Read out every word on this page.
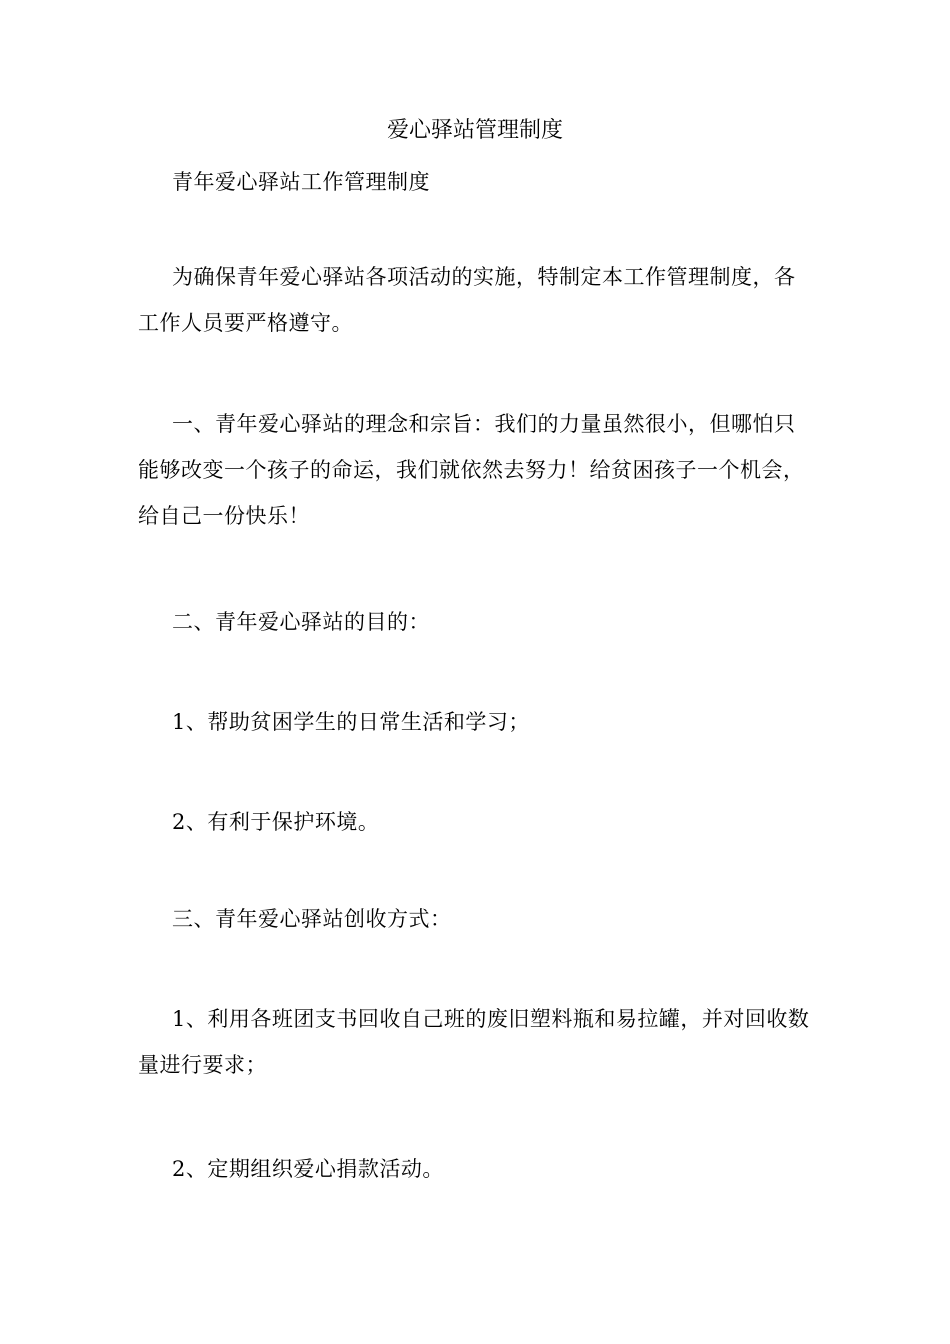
爱心驿站管理制度

青年爱心驿站工作管理制度

为确保青年爱心驿站各项活动的实施，特制定本工作管理制度，各工作人员要严格遵守。

一、青年爱心驿站的理念和宗旨：我们的力量虽然很小，但哪怕只能够改变一个孩子的命运，我们就依然去努力！给贫困孩子一个机会，给自己一份快乐！

二、青年爱心驿站的目的：

1、帮助贫困学生的日常生活和学习；

2、有利于保护环境。

三、青年爱心驿站创收方式：

1、利用各班团支书回收自己班的废旧塑料瓶和易拉罐，并对回收数量进行要求；

2、定期组织爱心捐款活动。
